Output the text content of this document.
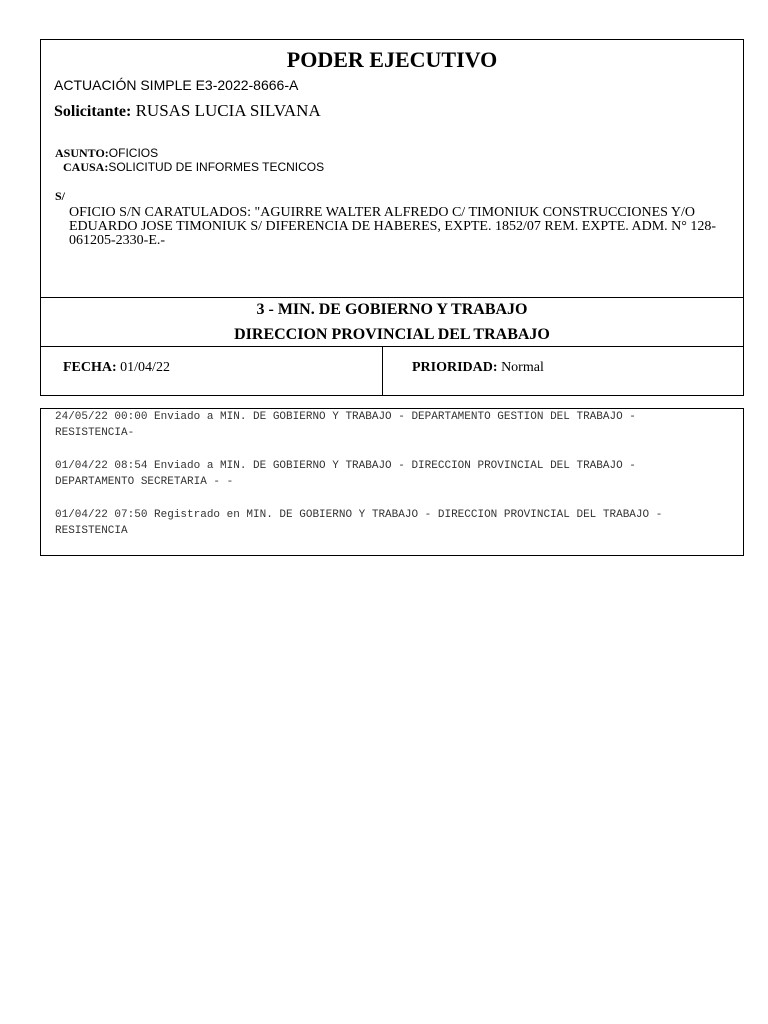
PODER EJECUTIVO
ACTUACIÓN SIMPLE E3-2022-8666-A
Solicitante: RUSAS LUCIA SILVANA
ASUNTO:OFICIOS
CAUSA:SOLICITUD DE INFORMES TECNICOS
S/
OFICIO S/N CARATULADOS: "AGUIRRE WALTER ALFREDO C/ TIMONIUK CONSTRUCCIONES Y/O EDUARDO JOSE TIMONIUK S/ DIFERENCIA DE HABERES, EXPTE. 1852/07 REM. EXPTE. ADM. N° 128-061205-2330-E.-
3 - MIN. DE GOBIERNO Y TRABAJO
DIRECCION PROVINCIAL DEL TRABAJO
FECHA: 01/04/22	PRIORIDAD: Normal
24/05/22 00:00 Enviado a MIN. DE GOBIERNO Y TRABAJO - DEPARTAMENTO GESTION DEL TRABAJO - RESISTENCIA-
01/04/22 08:54 Enviado a MIN. DE GOBIERNO Y TRABAJO - DIRECCION PROVINCIAL DEL TRABAJO - DEPARTAMENTO SECRETARIA - -
01/04/22 07:50 Registrado en MIN. DE GOBIERNO Y TRABAJO - DIRECCION PROVINCIAL DEL TRABAJO - RESISTENCIA
